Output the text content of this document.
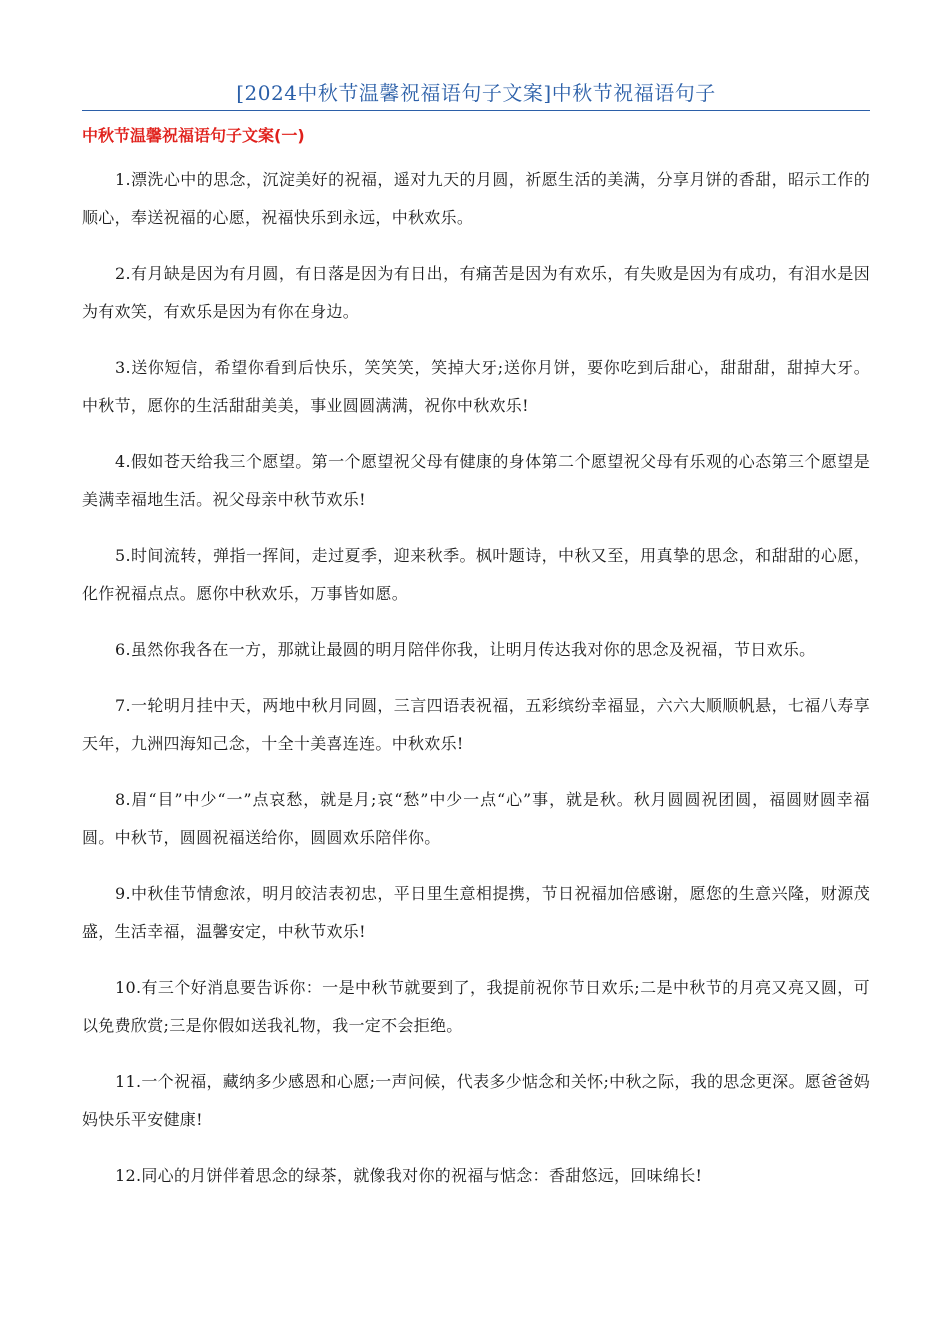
[2024中秋节温馨祝福语句子文案]中秋节祝福语句子
中秋节温馨祝福语句子文案(一)

1.漂洗心中的思念，沉淀美好的祝福，遥对九天的月圆，祈愿生活的美满，分享月饼的香甜，昭示工作的顺心，奉送祝福的心愿，祝福快乐到永远，中秋欢乐。

2.有月缺是因为有月圆，有日落是因为有日出，有痛苦是因为有欢乐，有失败是因为有成功，有泪水是因为有欢笑，有欢乐是因为有你在身边。

3.送你短信，希望你看到后快乐，笑笑笑，笑掉大牙;送你月饼，要你吃到后甜心，甜甜甜，甜掉大牙。中秋节，愿你的生活甜甜美美，事业圆圆满满，祝你中秋欢乐!

4.假如苍天给我三个愿望。第一个愿望祝父母有健康的身体第二个愿望祝父母有乐观的心态第三个愿望是美满幸福地生活。祝父母亲中秋节欢乐!

5.时间流转，弹指一挥间，走过夏季，迎来秋季。枫叶题诗，中秋又至，用真挚的思念，和甜甜的心愿，化作祝福点点。愿你中秋欢乐，万事皆如愿。

6.虽然你我各在一方，那就让最圆的明月陪伴你我，让明月传达我对你的思念及祝福，节日欢乐。

7.一轮明月挂中天，两地中秋月同圆，三言四语表祝福，五彩缤纷幸福显，六六大顺顺帆悬，七福八寿享天年，九洲四海知己念，十全十美喜连连。中秋欢乐!

8.眉“目”中少“一”点哀愁，就是月;哀“愁”中少一点“心”事，就是秋。秋月圆圆祝团圆，福圆财圆幸福圆。中秋节，圆圆祝福送给你，圆圆欢乐陪伴你。

9.中秋佳节情愈浓，明月皎洁表初忠，平日里生意相提携，节日祝福加倍感谢，愿您的生意兴隆，财源茂盛，生活幸福，温馨安定，中秋节欢乐!

10.有三个好消息要告诉你：一是中秋节就要到了，我提前祝你节日欢乐;二是中秋节的月亮又亮又圆，可以免费欣赏;三是你假如送我礼物，我一定不会拒绝。

11.一个祝福，藏纳多少感恩和心愿;一声问候，代表多少惦念和关怀;中秋之际，我的思念更深。愿爸爸妈妈快乐平安健康!

12.同心的月饼伴着思念的绿茶，就像我对你的祝福与惦念：香甜悠远，回味绵长!
